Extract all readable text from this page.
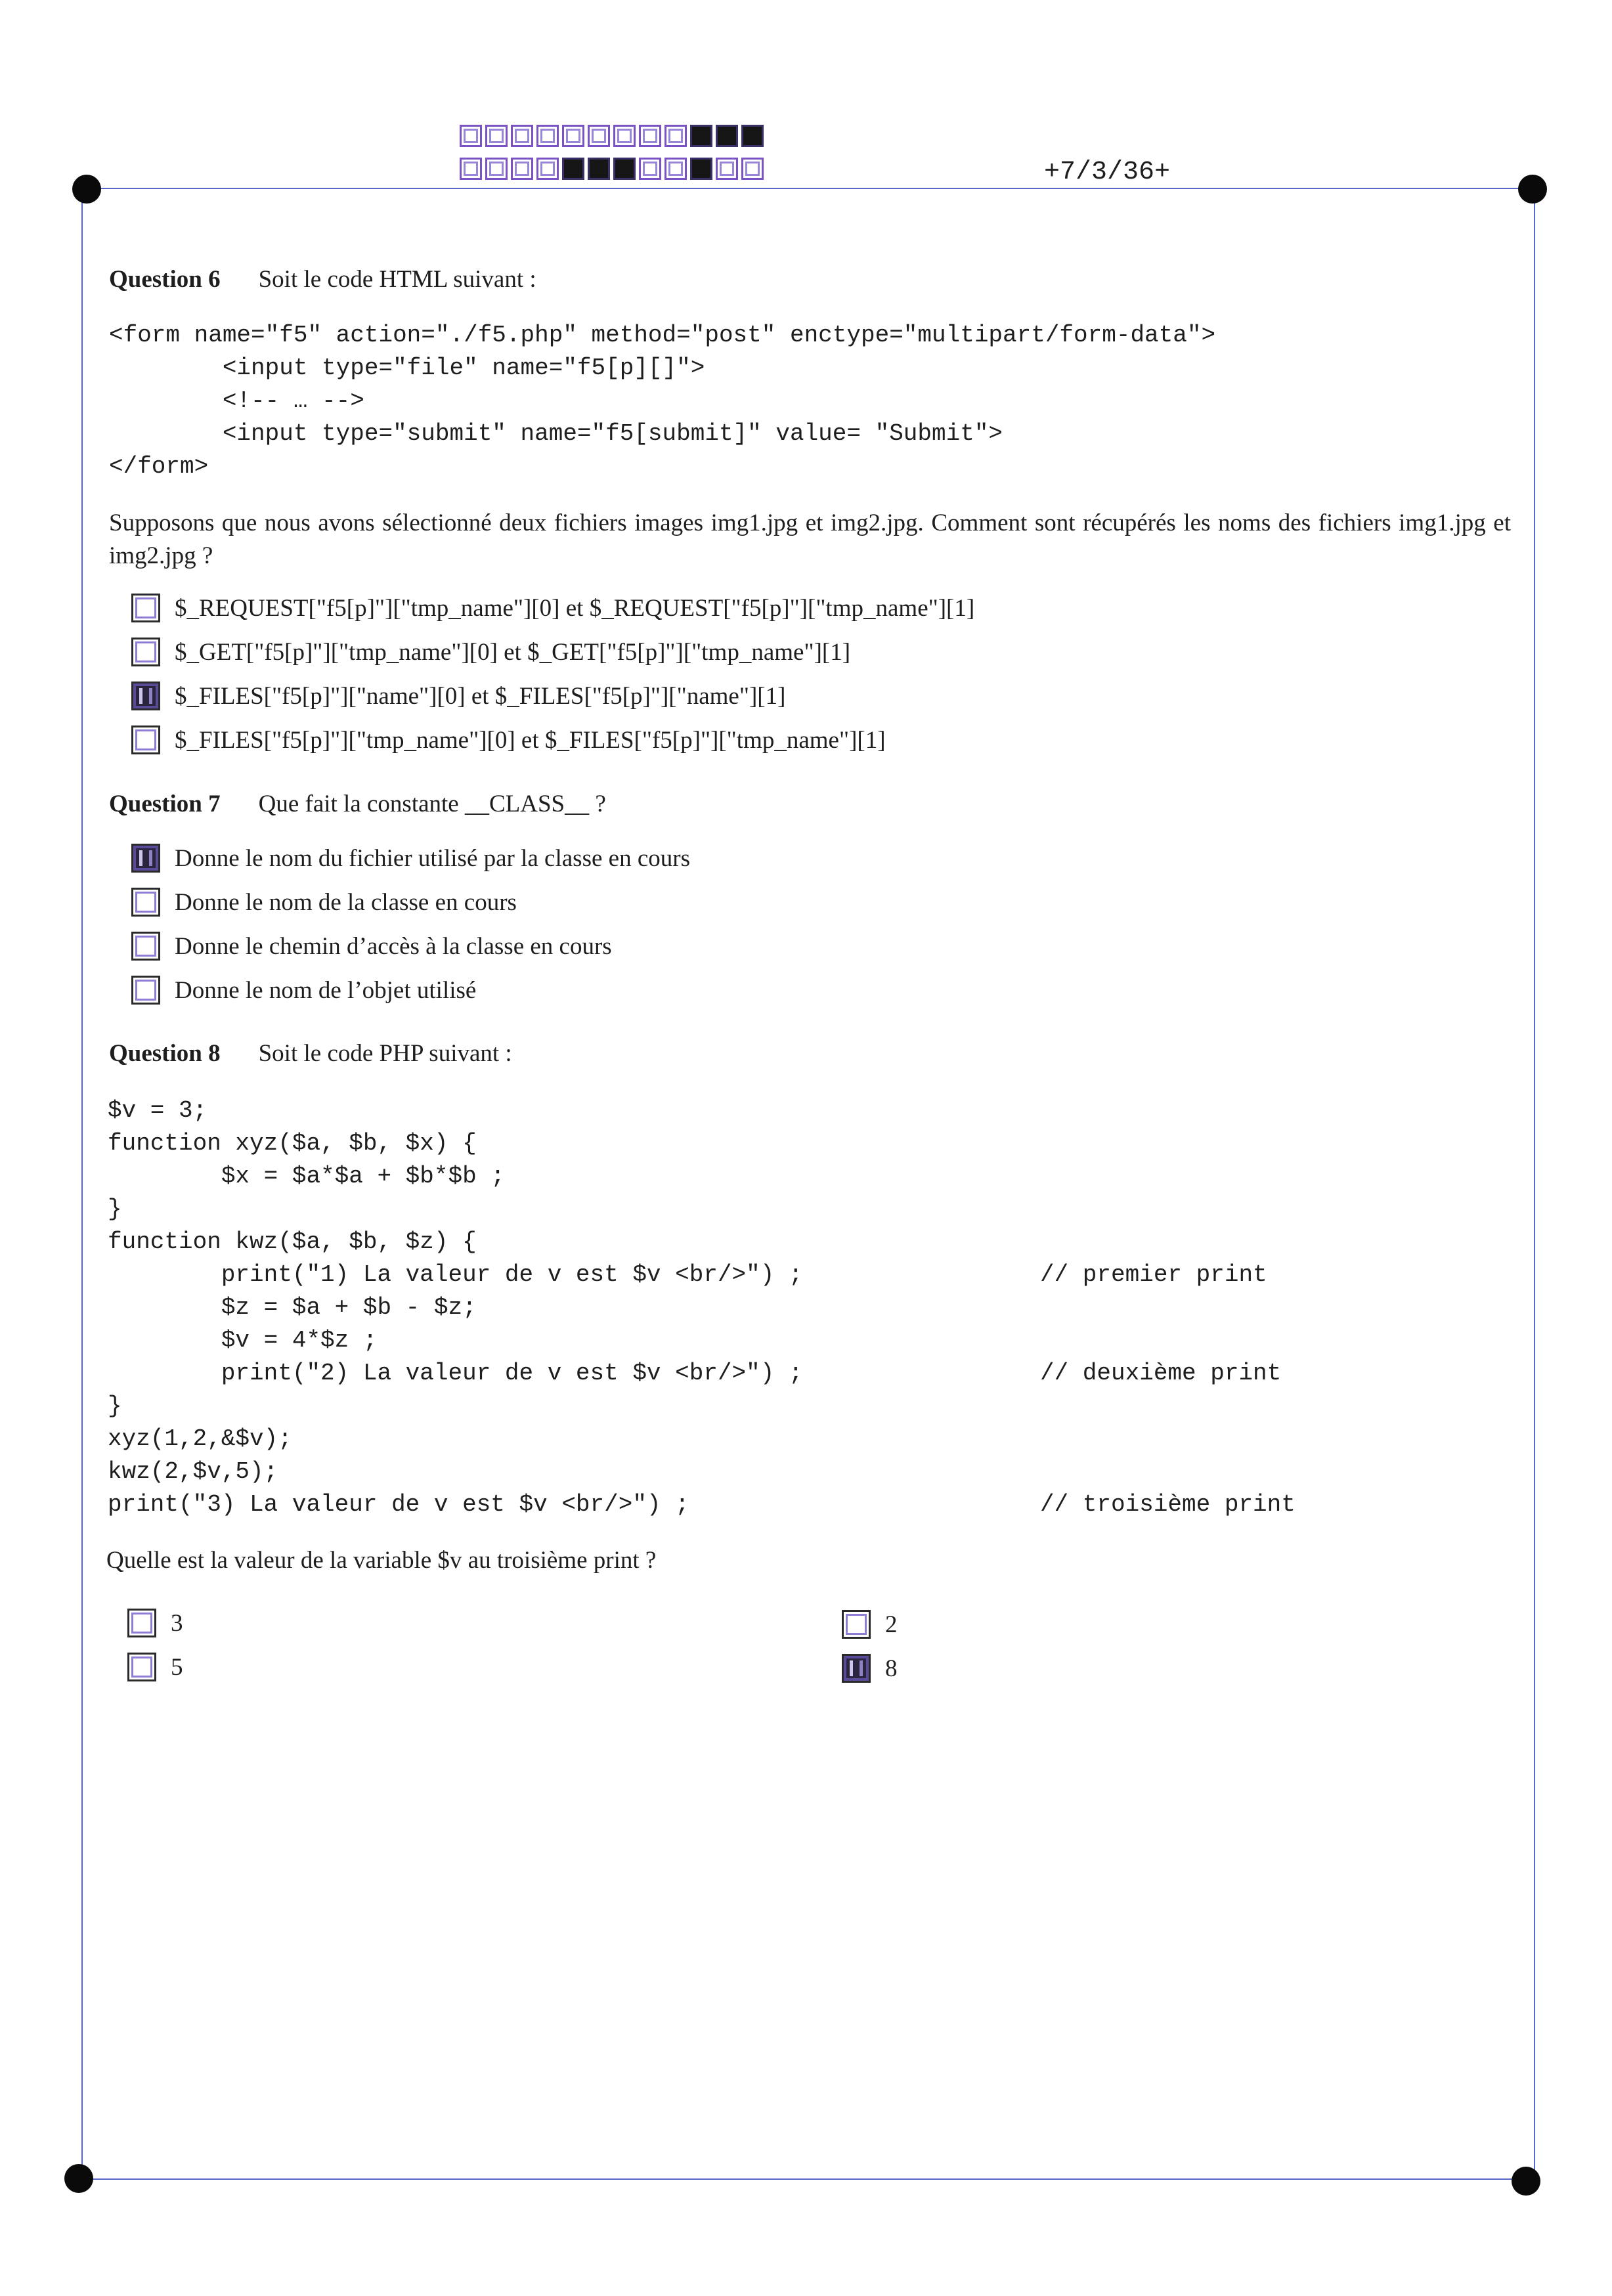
+7/3/36+
Question 6 Soit le code HTML suivant :
<form name="f5" action="./f5.php" method="post" enctype="multipart/form-data">
<input type="file" name="f5[p][]">
<!-- … -->
<input type="submit" name="f5[submit]" value= "Submit">
</form>
Supposons que nous avons sélectionné deux fichiers images img1.jpg et img2.jpg. Comment sont récupérés les noms des fichiers img1.jpg et img2.jpg ?
$_REQUEST["f5[p]"]["tmp_name"][0] et $_REQUEST["f5[p]"]["tmp_name"][1]
$_GET["f5[p]"]["tmp_name"][0] et $_GET["f5[p]"]["tmp_name"][1]
$_FILES["f5[p]"]["name"][0] et $_FILES["f5[p]"]["name"][1]
$_FILES["f5[p]"]["tmp_name"][0] et $_FILES["f5[p]"]["tmp_name"][1]
Question 7 Que fait la constante __CLASS__ ?
Donne le nom du fichier utilisé par la classe en cours
Donne le nom de la classe en cours
Donne le chemin d’accès à la classe en cours
Donne le nom de l’objet utilisé
Question 8 Soit le code PHP suivant :
$v = 3;
function xyz($a, $b, $x) {
$x = $a*$a + $b*$b ;
}
function kwz($a, $b, $z) {
print("1) La valeur de v est $v <br/>") ;
$z = $a + $b - $z;
$v = 4*$z ;
print("2) La valeur de v est $v <br/>") ;
}
xyz(1,2,&$v);
kwz(2,$v,5);
print("3) La valeur de v est $v <br/>") ;
// premier print
// deuxième print
// troisième print
Quelle est la valeur de la variable $v au troisième print ?
3
5
2
8
